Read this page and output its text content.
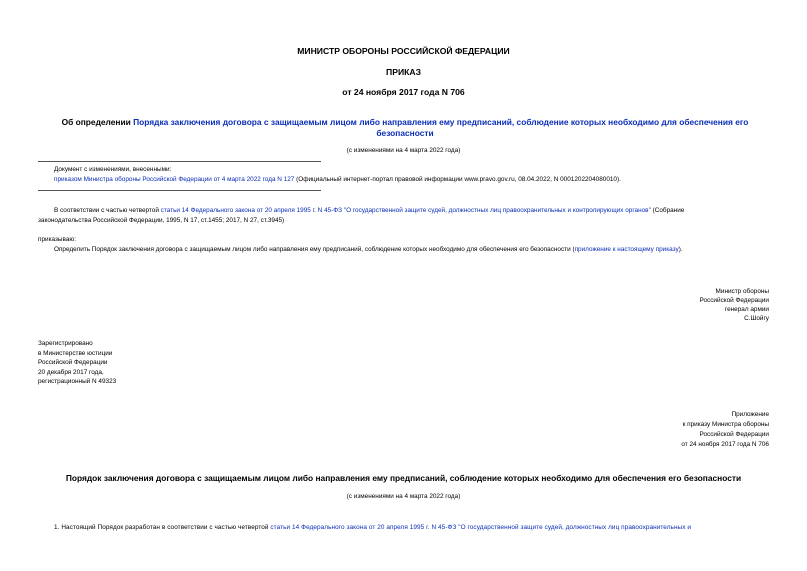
МИНИСТР ОБОРОНЫ РОССИЙСКОЙ ФЕДЕРАЦИИ
ПРИКАЗ
от 24 ноября 2017 года N 706
Об определении Порядка заключения договора с защищаемым лицом либо направления ему предписаний, соблюдение которых необходимо для обеспечения его
безопасности
(с изменениями на 4 марта 2022 года)
Документ с изменениями, внесенными:
приказом Министра обороны Российской Федерации от 4 марта 2022 года N 127 (Официальный интернет-портал правовой информации www.pravo.gov.ru, 08.04.2022, N 0001202204080010).
В соответствии с частью четвертой статьи 14 Федерального закона от 20 апреля 1995 г. N 45-ФЗ "О государственной защите судей, должностных лиц правоохранительных и контролирующих органов" (Собрание
законодательства Российской Федерации, 1995, N 17, ст.1455; 2017, N 27, ст.3945)
приказываю:
Определить Порядок заключения договора с защищаемым лицом либо направления ему предписаний, соблюдение которых необходимо для обеспечения его безопасности (приложение к настоящему приказу).
Министр обороны
Российской Федерации
генерал армии
С.Шойгу
Зарегистрировано
в Министерстве юстиции
Российской Федерации
20 декабря 2017 года,
регистрационный N 49323
Приложение
к приказу Министра обороны
Российской Федерации
от 24 ноября 2017 года N 706
Порядок заключения договора с защищаемым лицом либо направления ему предписаний, соблюдение которых необходимо для обеспечения его безопасности
(с изменениями на 4 марта 2022 года)
1. Настоящий Порядок разработан в соответствии с частью четвертой статьи 14 Федерального закона от 20 апреля 1995 г. N 45-ФЗ "О государственной защите судей, должностных лиц правоохранительных и
